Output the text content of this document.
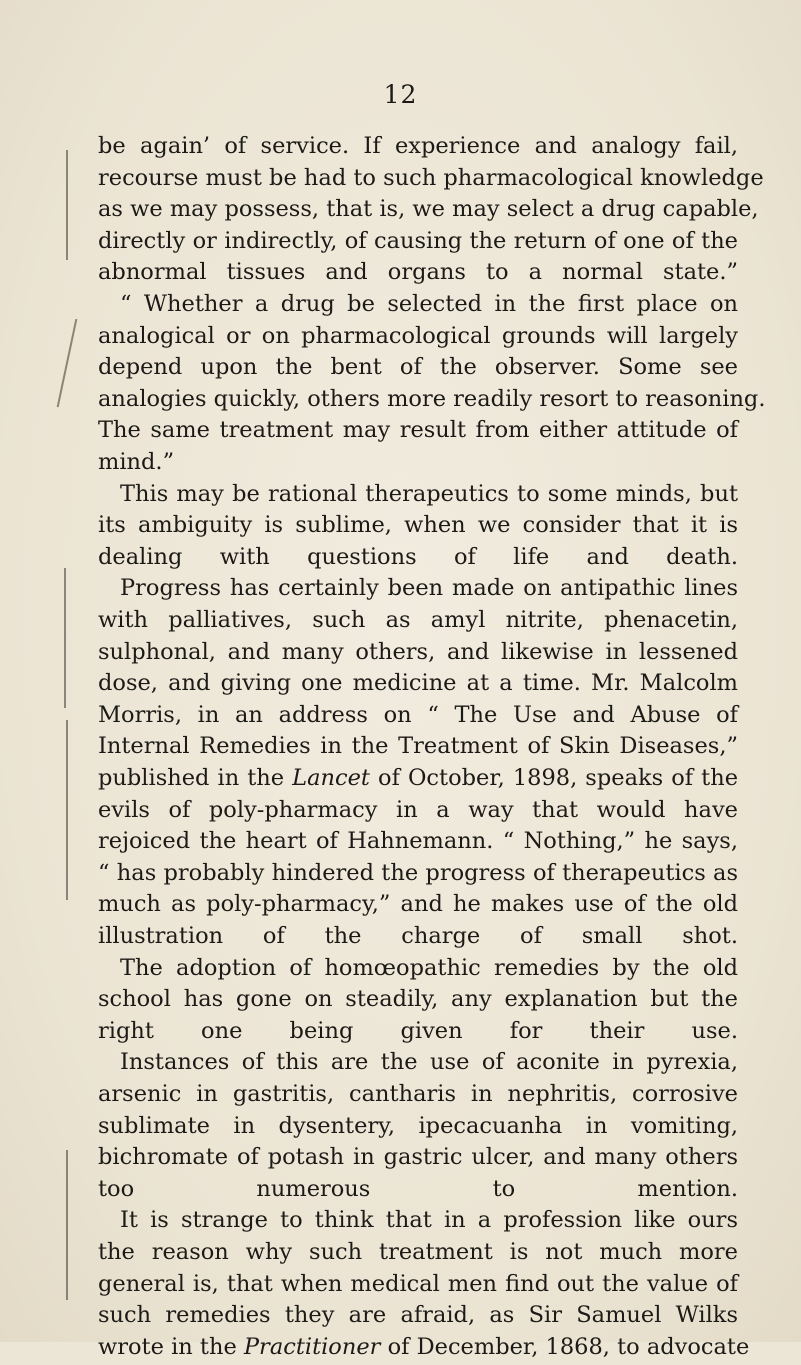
12
be again’ of service. If experience and analogy fail,
recourse must be had to such pharmacological knowledge
as we may possess, that is, we may select a drug capable,
directly or indirectly, of causing the return of one of the
abnormal tissues and organs to a normal state.”
“ Whether a drug be selected in the first place on
analogical or on pharmacological grounds will largely
depend upon the bent of the observer. Some see
analogies quickly, others more readily resort to reasoning.
The same treatment may result from either attitude of
mind.”
This may be rational therapeutics to some minds, but
its ambiguity is sublime, when we consider that it is
dealing with questions of life and death.
Progress has certainly been made on antipathic lines
with palliatives, such as amyl nitrite, phenacetin,
sulphonal, and many others, and likewise in lessened
dose, and giving one medicine at a time. Mr. Malcolm
Morris, in an address on “ The Use and Abuse of
Internal Remedies in the Treatment of Skin Diseases,”
published in the Lancet of October, 1898, speaks of the
evils of poly-pharmacy in a way that would have
rejoiced the heart of Hahnemann. “ Nothing,” he says,
“ has probably hindered the progress of therapeutics as
much as poly-pharmacy,” and he makes use of the old
illustration of the charge of small shot.
The adoption of homœopathic remedies by the old
school has gone on steadily, any explanation but the
right one being given for their use.
Instances of this are the use of aconite in pyrexia,
arsenic in gastritis, cantharis in nephritis, corrosive
sublimate in dysentery, ipecacuanha in vomiting,
bichromate of potash in gastric ulcer, and many others
too numerous to mention.
It is strange to think that in a profession like ours
the reason why such treatment is not much more
general is, that when medical men find out the value of
such remedies they are afraid, as Sir Samuel Wilks
wrote in the Practitioner of December, 1868, to advocate
